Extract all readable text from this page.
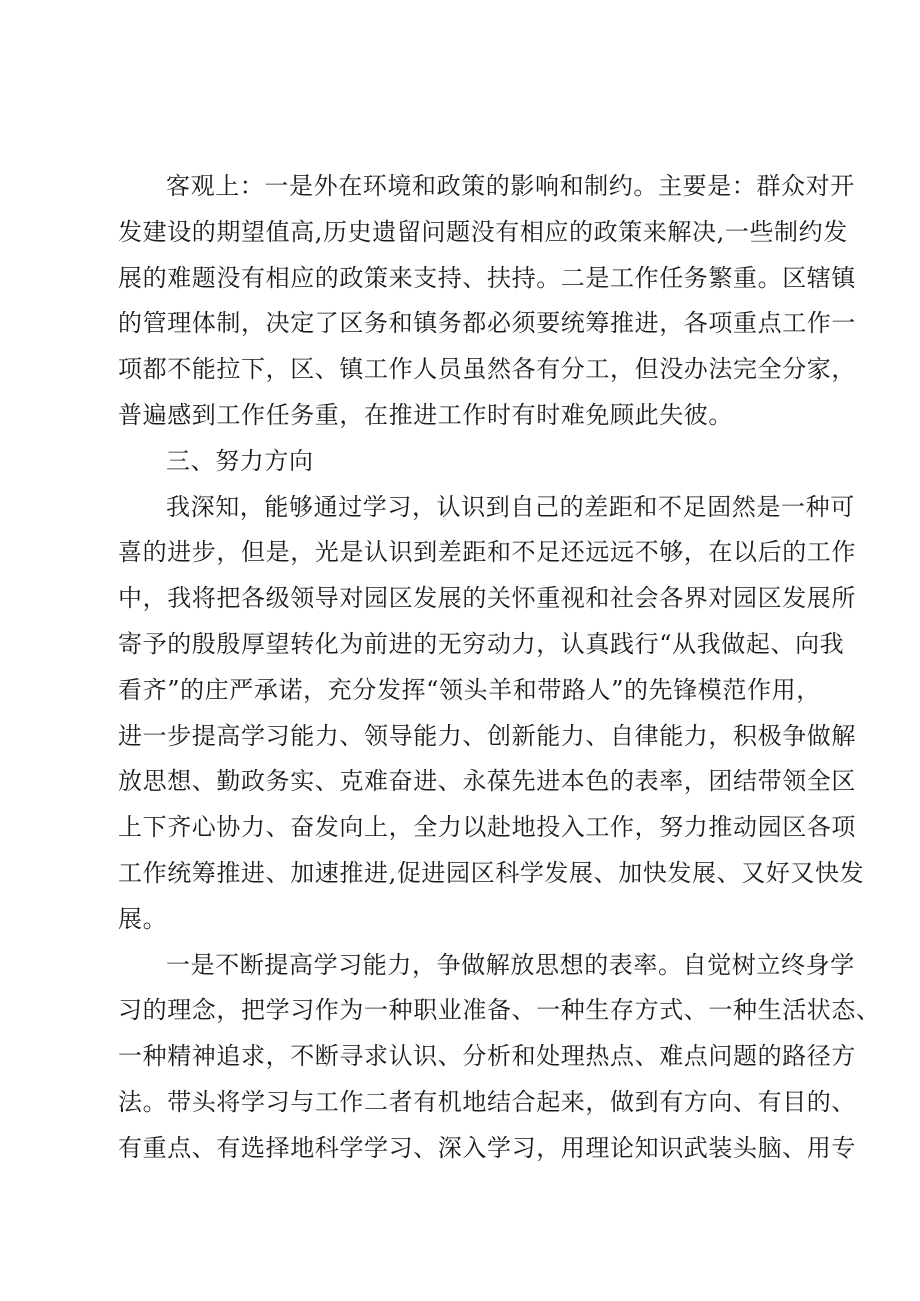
客观上：一是外在环境和政策的影响和制约。主要是：群众对开
发建设的期望值高,历史遗留问题没有相应的政策来解决,一些制约发
展的难题没有相应的政策来支持、扶持。二是工作任务繁重。区辖镇
的管理体制，决定了区务和镇务都必须要统筹推进，各项重点工作一
项都不能拉下，区、镇工作人员虽然各有分工，但没办法完全分家，
普遍感到工作任务重，在推进工作时有时难免顾此失彼。
三、努力方向
我深知，能够通过学习，认识到自己的差距和不足固然是一种可
喜的进步，但是，光是认识到差距和不足还远远不够，在以后的工作
中，我将把各级领导对园区发展的关怀重视和社会各界对园区发展所
寄予的殷殷厚望转化为前进的无穷动力，认真践行“从我做起、向我
看齐”的庄严承诺，充分发挥“领头羊和带路人”的先锋模范作用，
进一步提高学习能力、领导能力、创新能力、自律能力，积极争做解
放思想、勤政务实、克难奋进、永葆先进本色的表率，团结带领全区
上下齐心协力、奋发向上，全力以赴地投入工作，努力推动园区各项
工作统筹推进、加速推进,促进园区科学发展、加快发展、又好又快发
展。
一是不断提高学习能力，争做解放思想的表率。自觉树立终身学
习的理念，把学习作为一种职业准备、一种生存方式、一种生活状态、
一种精神追求，不断寻求认识、分析和处理热点、难点问题的路径方
法。带头将学习与工作二者有机地结合起来，做到有方向、有目的、
有重点、有选择地科学学习、深入学习，用理论知识武装头脑、用专
